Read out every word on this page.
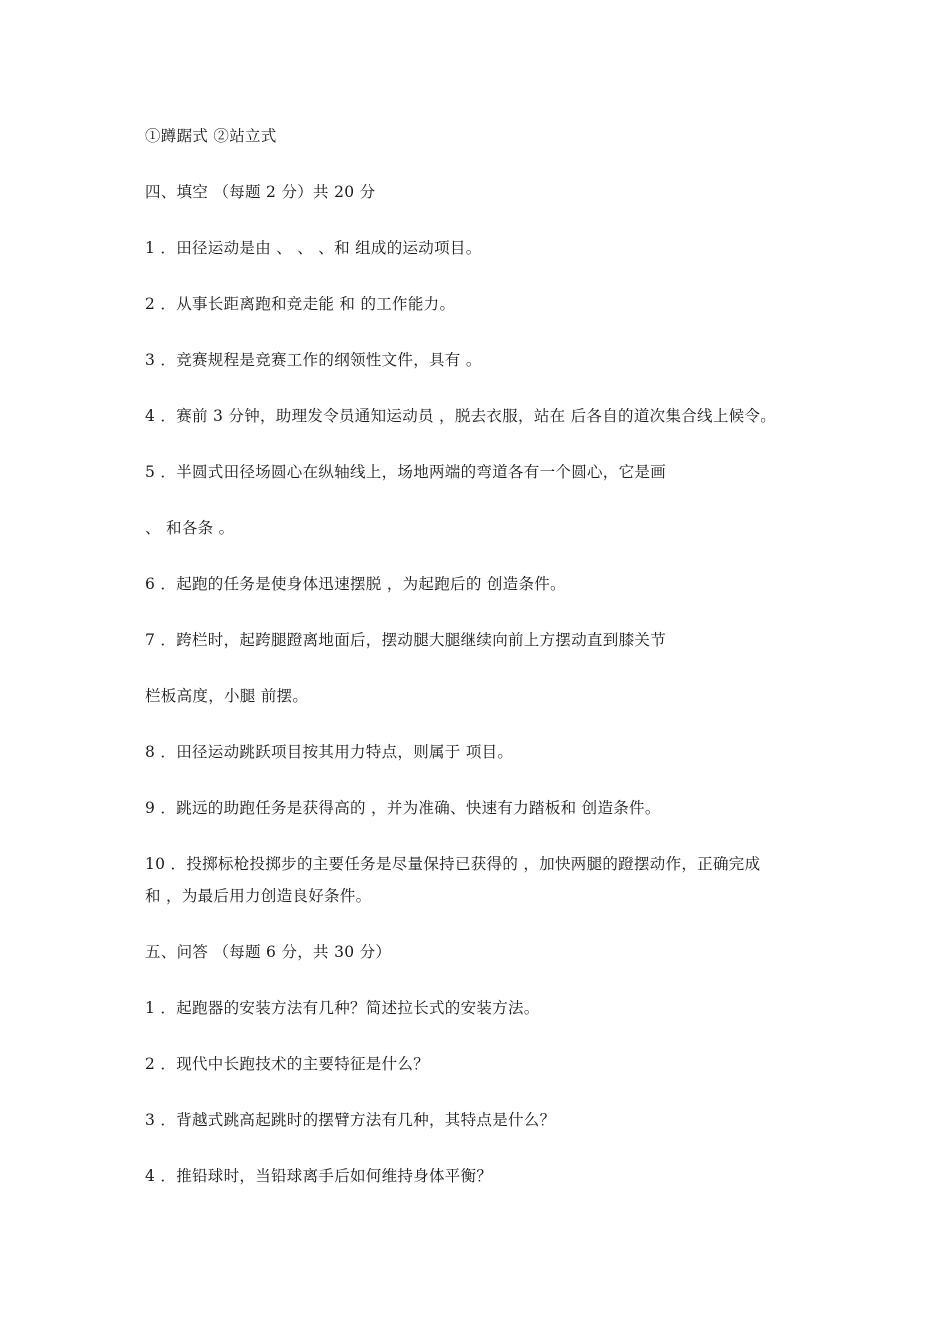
①蹲踞式 ②站立式
四、填空 （每题 2 分）共 20 分
1 ．田径运动是由 、 、 、和 组成的运动项目。
2 ．从事长距离跑和竞走能 和 的工作能力。
3 ．竞赛规程是竞赛工作的纲领性文件，具有 。
4 ．赛前 3 分钟，助理发令员通知运动员 ，脱去衣服，站在 后各自的道次集合线上候令。
5 ．半圆式田径场圆心在纵轴线上，场地两端的弯道各有一个圆心，它是画
、 和各条 。
6 ．起跑的任务是使身体迅速摆脱 ，为起跑后的 创造条件。
7 ．跨栏时，起跨腿蹬离地面后，摆动腿大腿继续向前上方摆动直到膝关节
栏板高度，小腿 前摆。
8 ．田径运动跳跃项目按其用力特点，则属于 项目。
9 ．跳远的助跑任务是获得高的 ，并为准确、快速有力踏板和 创造条件。
10 ．投掷标枪投掷步的主要任务是尽量保持已获得的 ，加快两腿的蹬摆动作，正确完成
和 ，为最后用力创造良好条件。
五、问答 （每题 6 分，共 30 分）
1 ．起跑器的安装方法有几种？简述拉长式的安装方法。
2 ．现代中长跑技术的主要特征是什么？
3 ．背越式跳高起跳时的摆臂方法有几种，其特点是什么？
4 ．推铅球时，当铅球离手后如何维持身体平衡？
